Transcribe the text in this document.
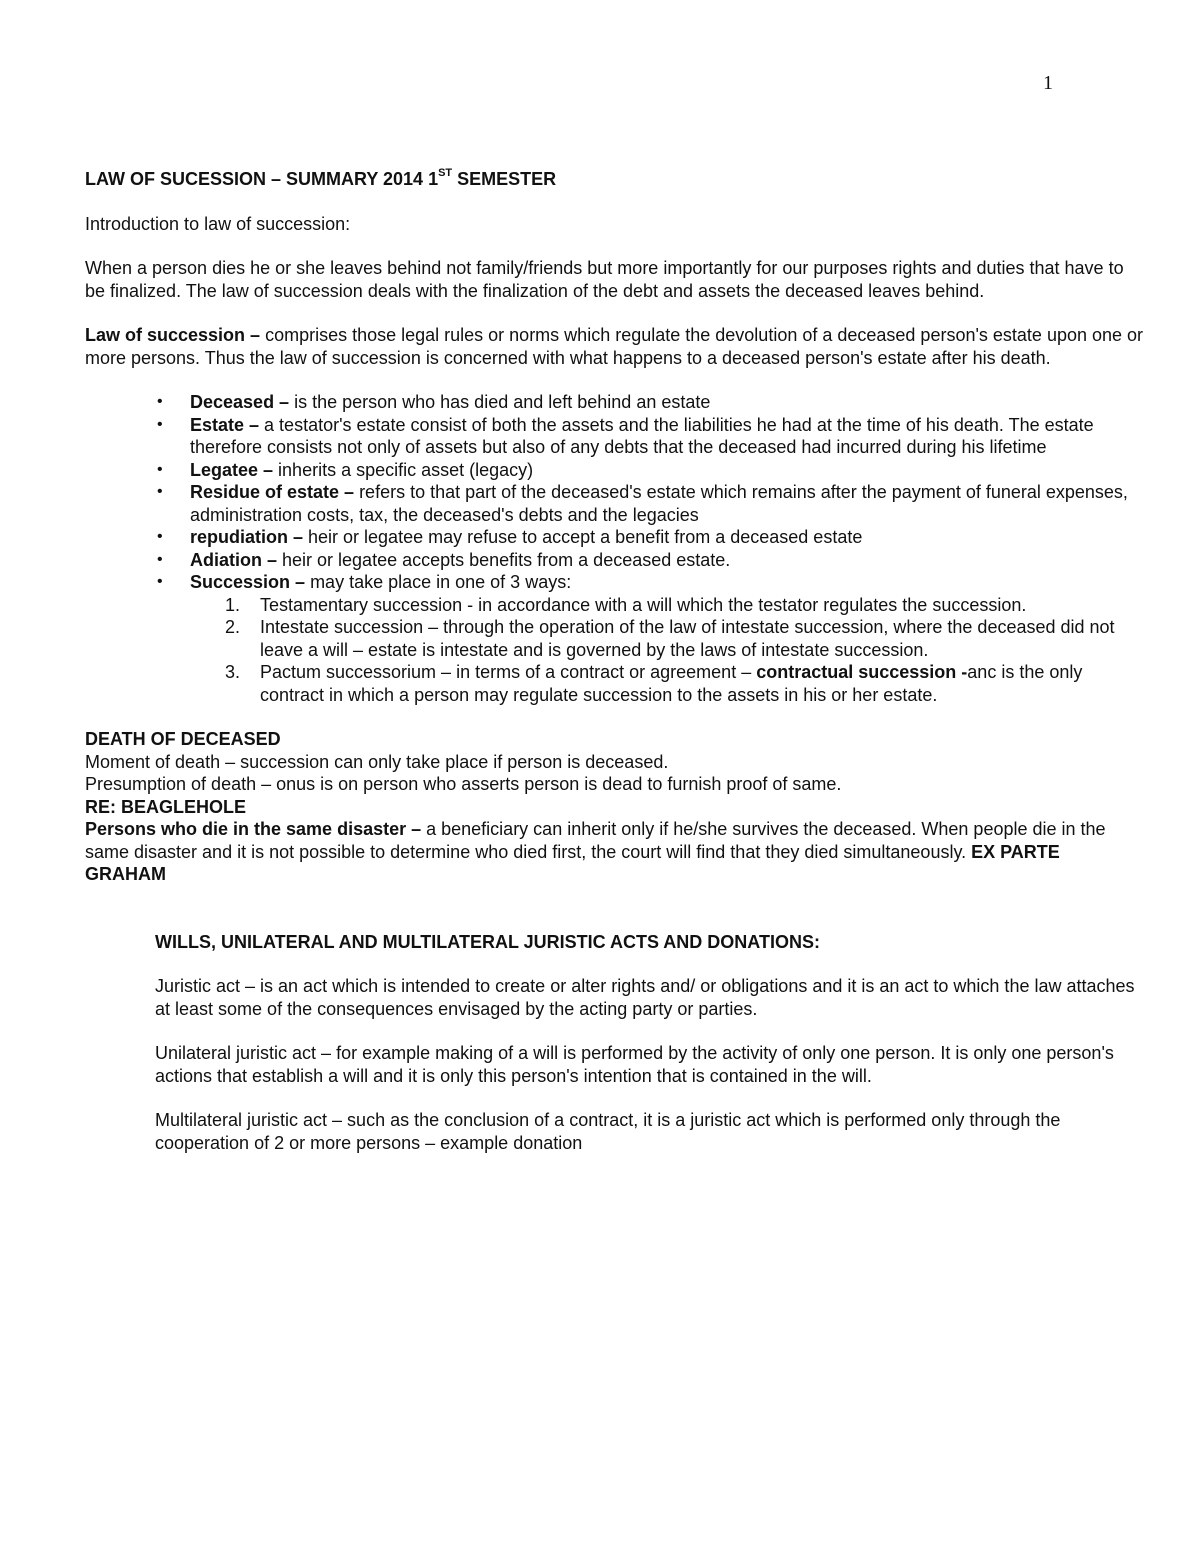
1

LAW OF SUCESSION – SUMMARY 2014 1ST SEMESTER

Introduction to law of succession:

When a person dies he or she leaves behind not family/friends but more importantly for our purposes rights and duties that have to be finalized. The law of succession deals with the finalization of the debt and assets the deceased leaves behind.

Law of succession – comprises those legal rules or norms which regulate the devolution of a deceased person's estate upon one or more persons. Thus the law of succession is concerned with what happens to a deceased person's estate after his death.

• Deceased – is the person who has died and left behind an estate
• Estate – a testator's estate consist of both the assets and the liabilities he had at the time of his death. The estate therefore consists not only of assets but also of any debts that the deceased had incurred during his lifetime
• Legatee – inherits a specific asset (legacy)
• Residue of estate – refers to that part of the deceased's estate which remains after the payment of funeral expenses, administration costs, tax, the deceased's debts and the legacies
• repudiation – heir or legatee may refuse to accept a benefit from a deceased estate
• Adiation – heir or legatee accepts benefits from a deceased estate.
• Succession – may take place in one of 3 ways:
1. Testamentary succession - in accordance with a will which the testator regulates the succession.
2. Intestate succession – through the operation of the law of intestate succession, where the deceased did not leave a will – estate is intestate and is governed by the laws of intestate succession.
3. Pactum successorium – in terms of a contract or agreement – contractual succession -anc is the only contract in which a person may regulate succession to the assets in his or her estate.
DEATH OF DECEASED
Moment of death – succession can only take place if person is deceased.
Presumption of death – onus is on person who asserts person is dead to furnish proof of same.
RE: BEAGLEHOLE
Persons who die in the same disaster – a beneficiary can inherit only if he/she survives the deceased. When people die in the same disaster and it is not possible to determine who died first, the court will find that they died simultaneously. EX PARTE GRAHAM

WILLS, UNILATERAL AND MULTILATERAL JURISTIC ACTS AND DONATIONS:

Juristic act – is an act which is intended to create or alter rights and/ or obligations and it is an act to which the law attaches at least some of the consequences envisaged by the acting party or parties.

Unilateral juristic act – for example making of a will is performed by the activity of only one person. It is only one person's actions that establish a will and it is only this person's intention that is contained in the will.

Multilateral juristic act – such as the conclusion of a contract, it is a juristic act which is performed only through the cooperation of 2 or more persons – example donation
